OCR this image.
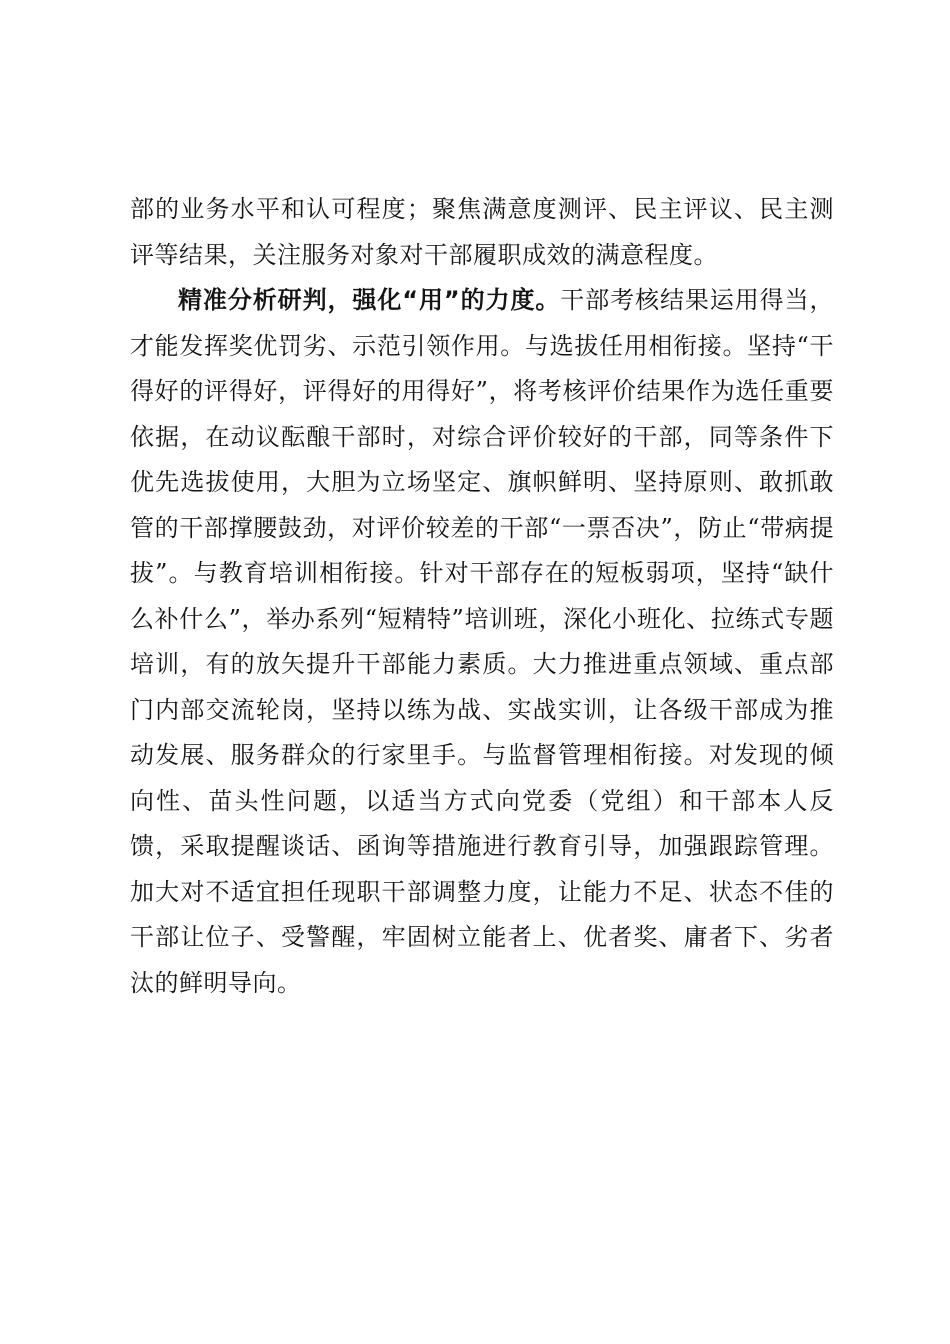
部的业务水平和认可程度；聚焦满意度测评、民主评议、民主测评等结果，关注服务对象对干部履职成效的满意程度。

精准分析研判，强化“用”的力度。干部考核结果运用得当，才能发挥奖优罚劣、示范引领作用。与选拔任用相衔接。坚持“干得好的评得好，评得好的用得好”，将考核评价结果作为选任重要依据，在动议酝酿干部时，对综合评价较好的干部，同等条件下优先选拔使用，大胆为立场坚定、旗帜鲜明、坚持原则、敢抓敢管的干部撑腰鼓劲，对评价较差的干部“一票否决”，防止“带病提拔”。与教育培训相衔接。针对干部存在的短板弱项，坚持“缺什么补什么”，举办系列“短精特”培训班，深化小班化、拉练式专题培训，有的放矢提升干部能力素质。大力推进重点领域、重点部门内部交流轮岗，坚持以练为战、实战实训，让各级干部成为推动发展、服务群众的行家里手。与监督管理相衔接。对发现的倾向性、苗头性问题，以适当方式向党委（党组）和干部本人反馈，采取提醒谈话、函询等措施进行教育引导，加强跟踪管理。加大对不适宜担任现职干部调整力度，让能力不足、状态不佳的干部让位子、受警醒，牢固树立能者上、优者奖、庸者下、劣者汰的鲜明导向。
